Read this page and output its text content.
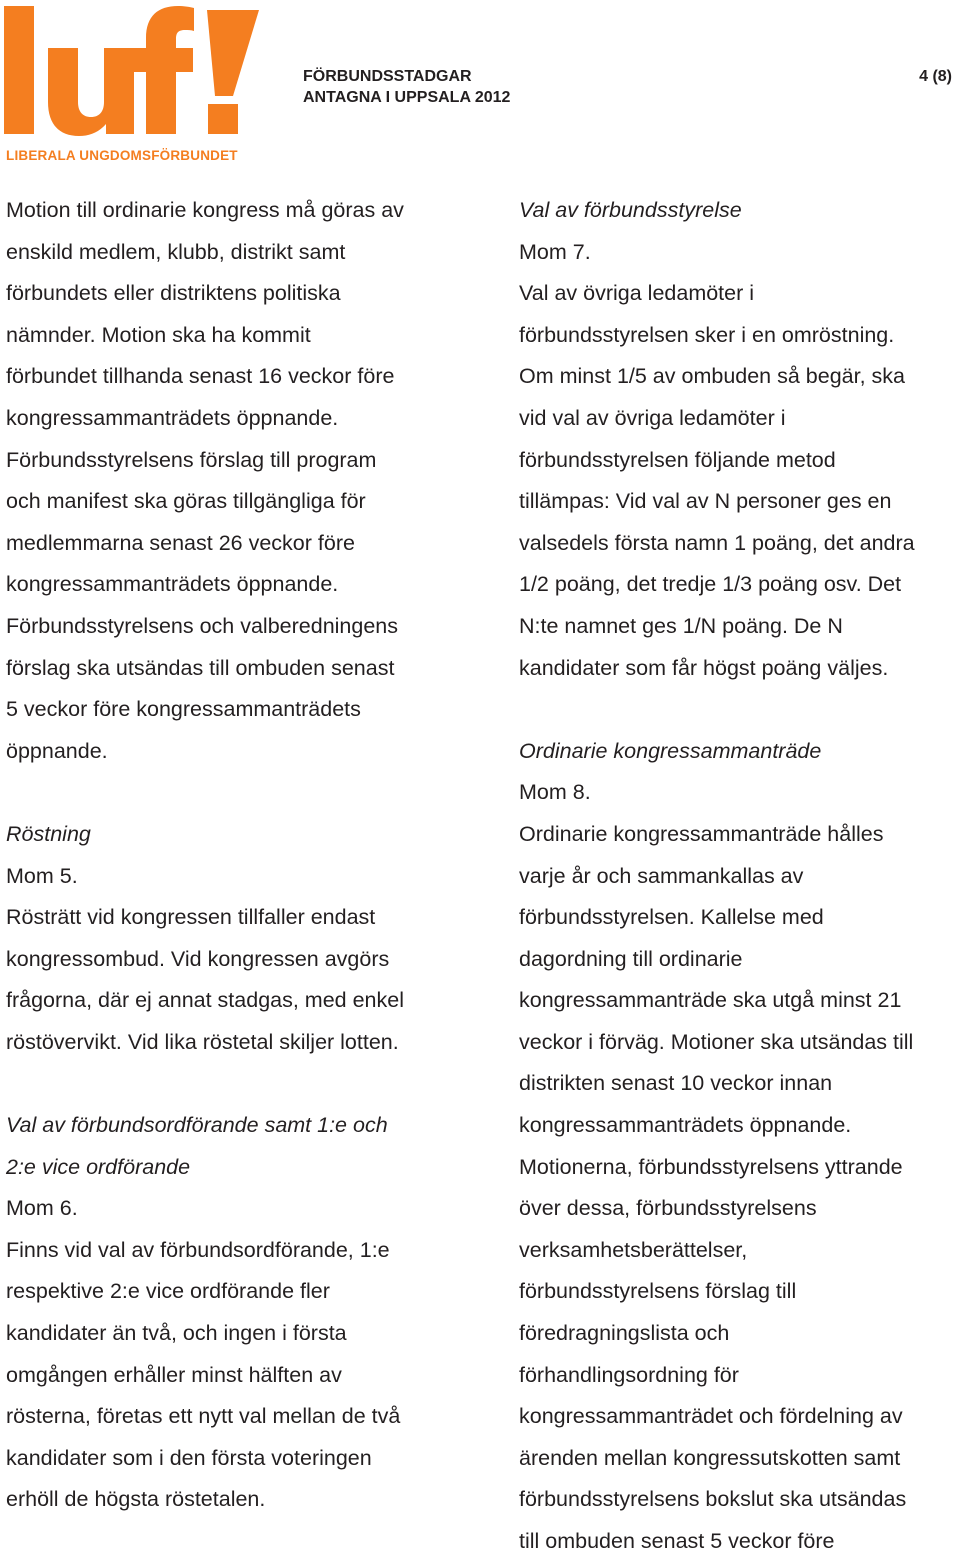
LIBERALA UNGDOMSFÖRBUNDET
FÖRBUNDSSTADGAR
ANTAGNA I UPPSALA 2012
4 (8)
Motion till ordinarie kongress må göras av
enskild medlem, klubb, distrikt samt
förbundets eller distriktens politiska
nämnder. Motion ska ha kommit
förbundet tillhanda senast 16 veckor före
kongressammanträdets öppnande.
Förbundsstyrelsens förslag till program
och manifest ska göras tillgängliga för
medlemmarna senast 26 veckor före
kongressammanträdets öppnande.
Förbundsstyrelsens och valberedningens
förslag ska utsändas till ombuden senast
5 veckor före kongressammanträdets
öppnande.
Röstning
Mom 5.
Rösträtt vid kongressen tillfaller endast
kongressombud. Vid kongressen avgörs
frågorna, där ej annat stadgas, med enkel
röstövervikt. Vid lika röstetal skiljer lotten.
Val av förbundsordförande samt 1:e och
2:e vice ordförande
Mom 6.
Finns vid val av förbundsordförande, 1:e
respektive 2:e vice ordförande fler
kandidater än två, och ingen i första
omgången erhåller minst hälften av
rösterna, företas ett nytt val mellan de två
kandidater som i den första voteringen
erhöll de högsta röstetalen.
Val av förbundsstyrelse
Mom 7.
Val av övriga ledamöter i
förbundsstyrelsen sker i en omröstning.
Om minst 1/5 av ombuden så begär, ska
vid val av övriga ledamöter i
förbundsstyrelsen följande metod
tillämpas: Vid val av N personer ges en
valsedels första namn 1 poäng, det andra
1/2 poäng, det tredje 1/3 poäng osv. Det
N:te namnet ges 1/N poäng. De N
kandidater som får högst poäng väljes.
Ordinarie kongressammanträde
Mom 8.
Ordinarie kongressammanträde hålles
varje år och sammankallas av
förbundsstyrelsen. Kallelse med
dagordning till ordinarie
kongressammanträde ska utgå minst 21
veckor i förväg. Motioner ska utsändas till
distrikten senast 10 veckor innan
kongressammanträdets öppnande.
Motionerna, förbundsstyrelsens yttrande
över dessa, förbundsstyrelsens
verksamhetsberättelser,
förbundsstyrelsens förslag till
föredragningslista och
förhandlingsordning för
kongressammanträdet och fördelning av
ärenden mellan kongressutskotten samt
förbundsstyrelsens bokslut ska utsändas
till ombuden senast 5 veckor före
